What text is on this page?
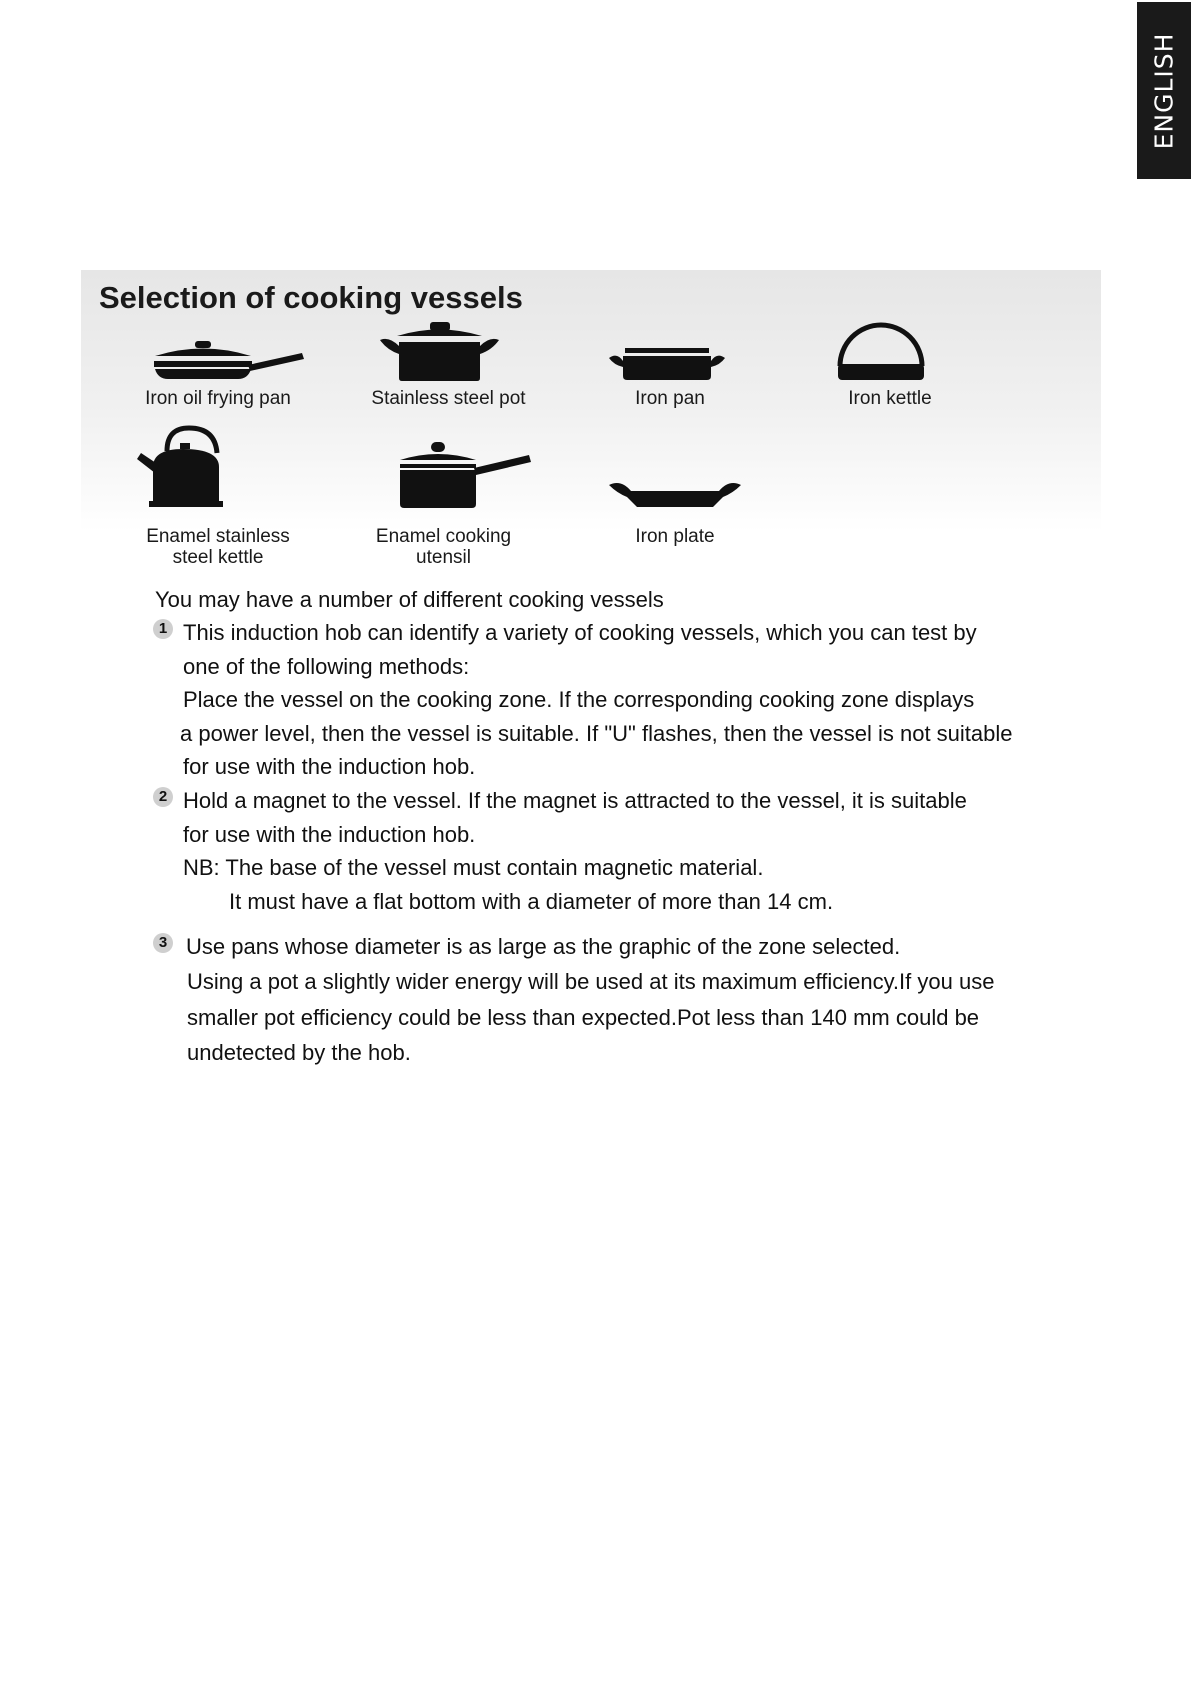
ENGLISH
Selection of cooking vessels
Iron oil frying pan	Stainless steel pot	Iron pan	Iron kettle
Enamel stainless
steel kettle
Enamel cooking
utensil
Iron plate
You may have a number of different cooking vessels
1 This induction hob can identify a variety of cooking vessels, which you can test by
one of the following methods:
Place the vessel on the cooking zone. If the corresponding cooking zone displays
a power level, then the vessel is suitable. If "U" flashes, then the vessel is not suitable
for use with the induction hob.
2 Hold a magnet to the vessel. If the magnet is attracted to the vessel, it is suitable
for use with the induction hob.
NB: The base of the vessel must contain magnetic material.
It must have a flat bottom with a diameter of more than 14 cm.
3 Use pans whose diameter is as large as the graphic of the zone selected.
Using a pot a slightly wider energy will be used at its maximum efficiency.If you use
smaller pot efficiency could be less than expected.Pot less than 140 mm could be
undetected by the hob.
